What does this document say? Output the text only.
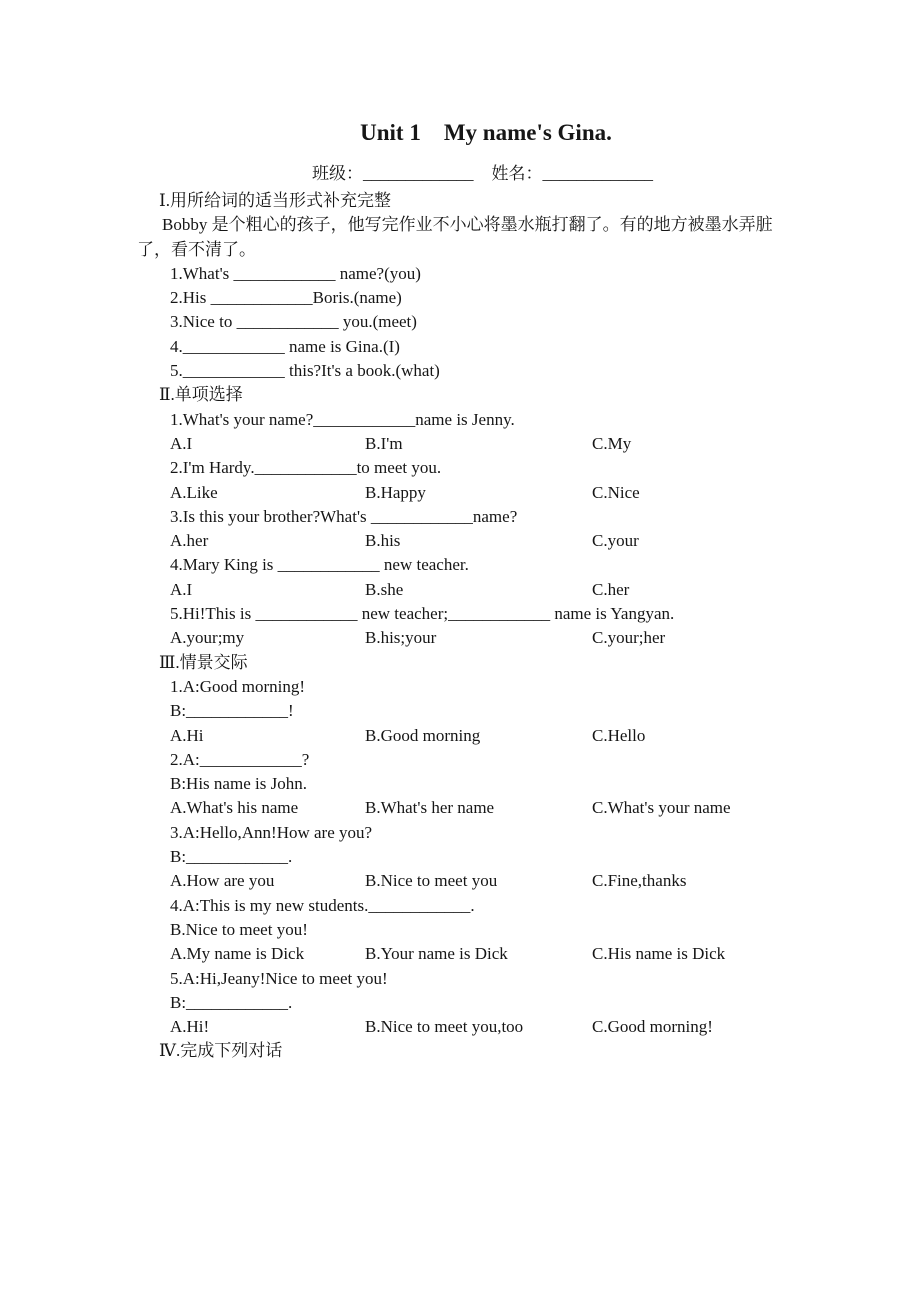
Unit 1    My name's Gina.
班级：_____________ 姓名：_____________
Ⅰ.用所给词的适当形式补充完整

Bobby 是个粗心的孩子，他写完作业不小心将墨水瓶打翻了。有的地方被墨水弄脏了，看不清了。

1.What's ____________ name?(you)
2.His ____________Boris.(name)
3.Nice to ____________ you.(meet)
4.____________ name is Gina.(I)
5.____________ this?It's a book.(what)
Ⅱ.单项选择
1.What's your name?____________name is Jenny.
A.I	B.I'm	C.My
2.I'm Hardy.____________to meet you.
A.Like	B.Happy	C.Nice
3.Is this your brother?What's ____________name?
A.her	B.his	C.your
4.Mary King is ____________ new teacher.
A.I	B.she	C.her
5.Hi!This is ____________ new teacher;____________ name is Yangyan.
A.your;my	B.his;your	C.your;her
Ⅲ.情景交际
1.A:Good morning!
B:____________!
A.Hi	B.Good morning	C.Hello
2.A:____________?
B:His name is John.
A.What's his name	B.What's her name	C.What's your name
3.A:Hello,Ann!How are you?
B:____________.
A.How are you	B.Nice to meet you	C.Fine,thanks
4.A:This is my new students.____________.
B.Nice to meet you!
A.My name is Dick	B.Your name is Dick	C.His name is Dick
5.A:Hi,Jeany!Nice to meet you!
B:____________.
A.Hi!	B.Nice to meet you,too	C.Good morning!
Ⅳ.完成下列对话
